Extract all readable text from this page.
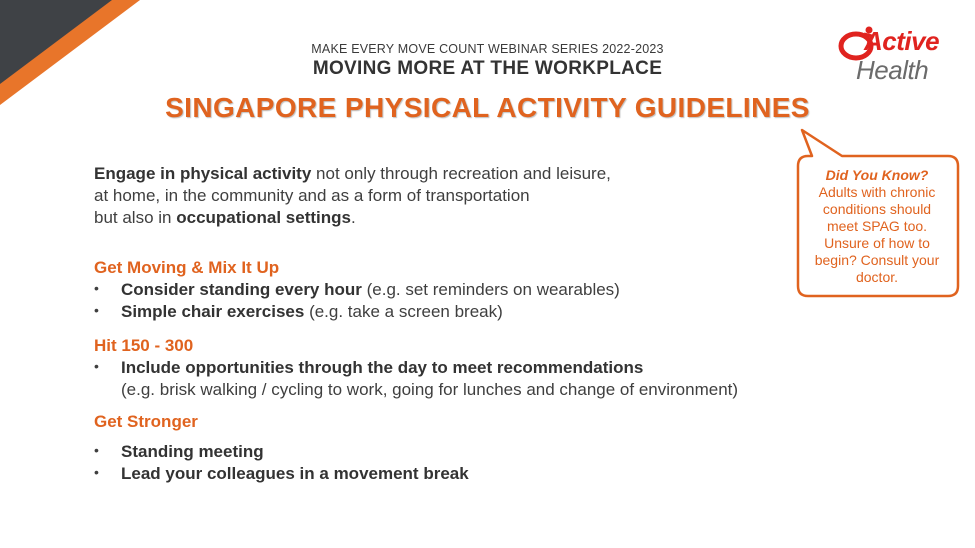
MAKE EVERY MOVE COUNT WEBINAR SERIES 2022-2023
MOVING MORE AT THE WORKPLACE
SINGAPORE PHYSICAL ACTIVITY GUIDELINES
Active
Health
Engage in physical activity not only through recreation and leisure,
at home, in the community and as a form of transportation
but also in occupational settings.
Get Moving & Mix It Up
• Consider standing every hour (e.g. set reminders on wearables)
• Simple chair exercises (e.g. take a screen break)
Hit 150 - 300
• Include opportunities through the day to meet recommendations
(e.g. brisk walking / cycling to work, going for lunches and change of environment)
Get Stronger
• Standing meeting
• Lead your colleagues in a movement break
Did You Know?
Adults with chronic
conditions should
meet SPAG too.
Unsure of how to
begin? Consult your
doctor.
